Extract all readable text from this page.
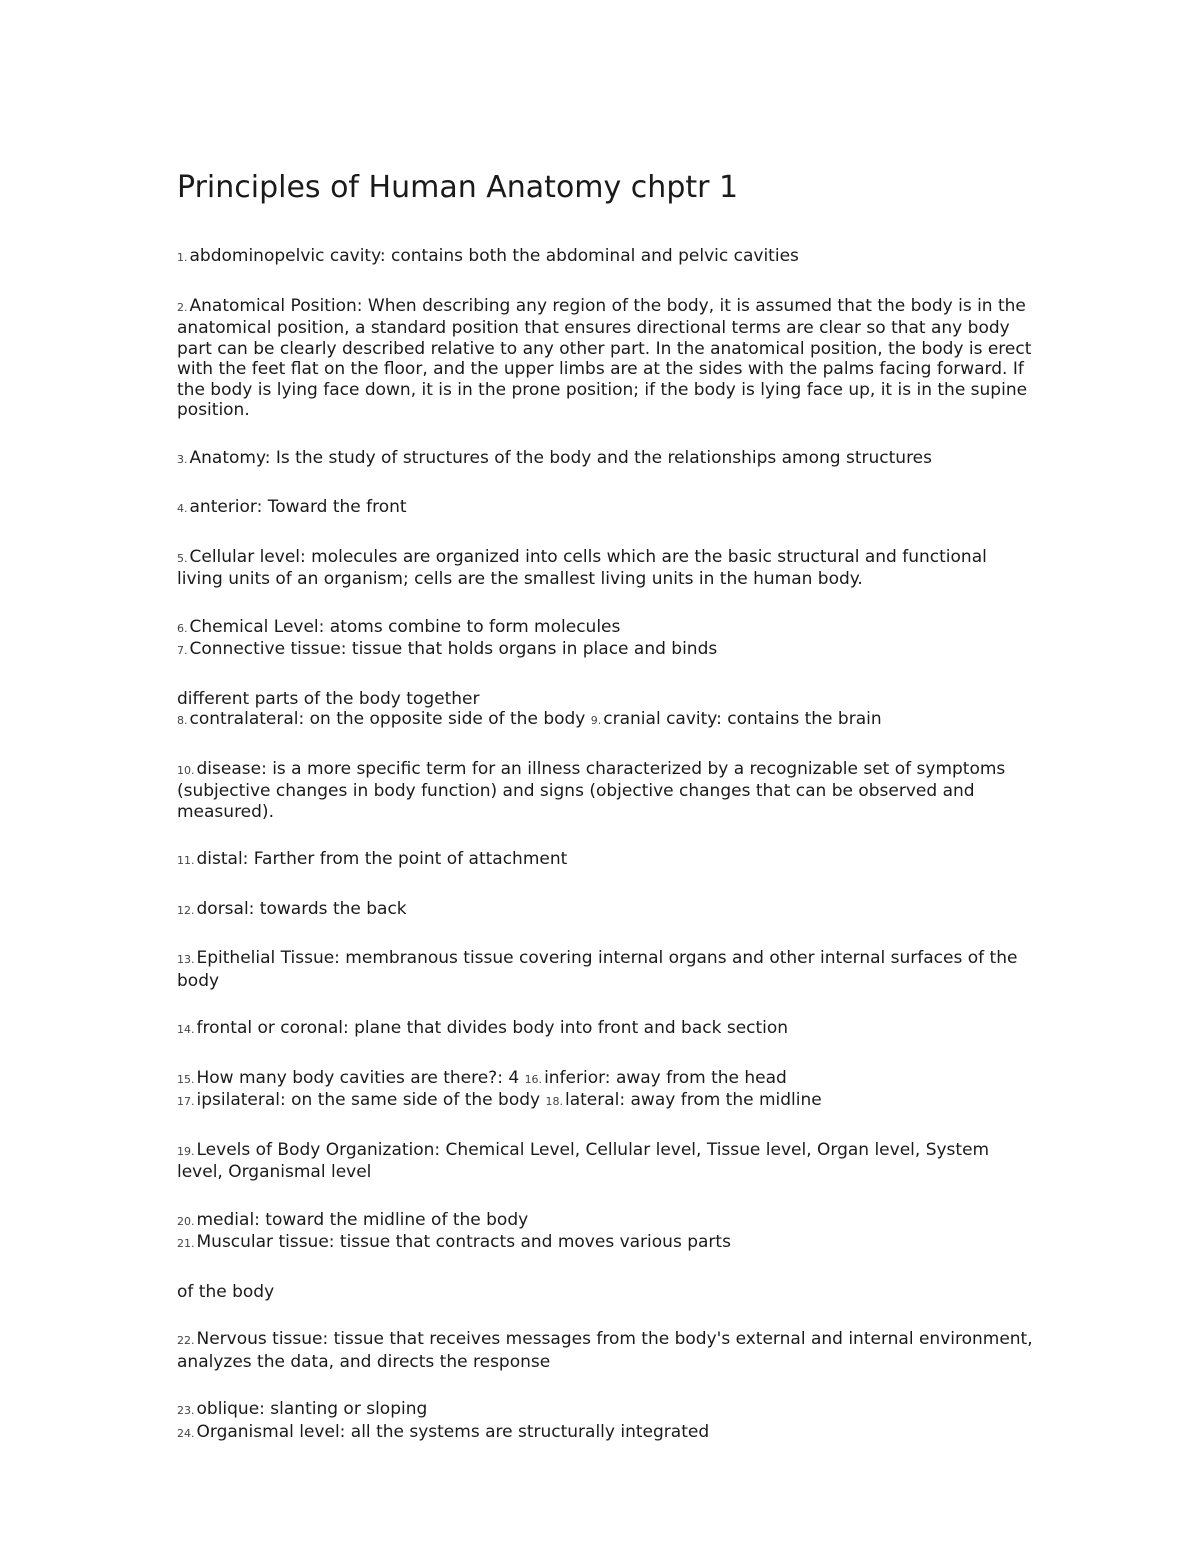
Principles of Human Anatomy chptr 1

1. abdominopelvic cavity: contains both the abdominal and pelvic cavities

2. Anatomical Position: When describing any region of the body, it is assumed that the body is in the anatomical position, a standard position that ensures directional terms are clear so that any body part can be clearly described relative to any other part. In the anatomical position, the body is erect with the feet flat on the floor, and the upper limbs are at the sides with the palms facing forward. If the body is lying face down, it is in the prone position; if the body is lying face up, it is in the supine position.

3. Anatomy: Is the study of structures of the body and the relationships among structures

4. anterior: Toward the front

5. Cellular level: molecules are organized into cells which are the basic structural and functional living units of an organism; cells are the smallest living units in the human body.

6. Chemical Level: atoms combine to form molecules

7. Connective tissue: tissue that holds organs in place and binds

different parts of the body together

8. contralateral: on the opposite side of the body 9. cranial cavity: contains the brain

10. disease: is a more specific term for an illness characterized by a recognizable set of symptoms (subjective changes in body function) and signs (objective changes that can be observed and measured).

11. distal: Farther from the point of attachment

12. dorsal: towards the back

13. Epithelial Tissue: membranous tissue covering internal organs and other internal surfaces of the body

14. frontal or coronal: plane that divides body into front and back section

15. How many body cavities are there?: 4 16. inferior: away from the head

17. ipsilateral: on the same side of the body 18. lateral: away from the midline

19. Levels of Body Organization: Chemical Level, Cellular level, Tissue level, Organ level, System level, Organismal level

20. medial: toward the midline of the body

21. Muscular tissue: tissue that contracts and moves various parts

of the body

22. Nervous tissue: tissue that receives messages from the body's external and internal environment, analyzes the data, and directs the response

23. oblique: slanting or sloping

24. Organismal level: all the systems are structurally integrated
